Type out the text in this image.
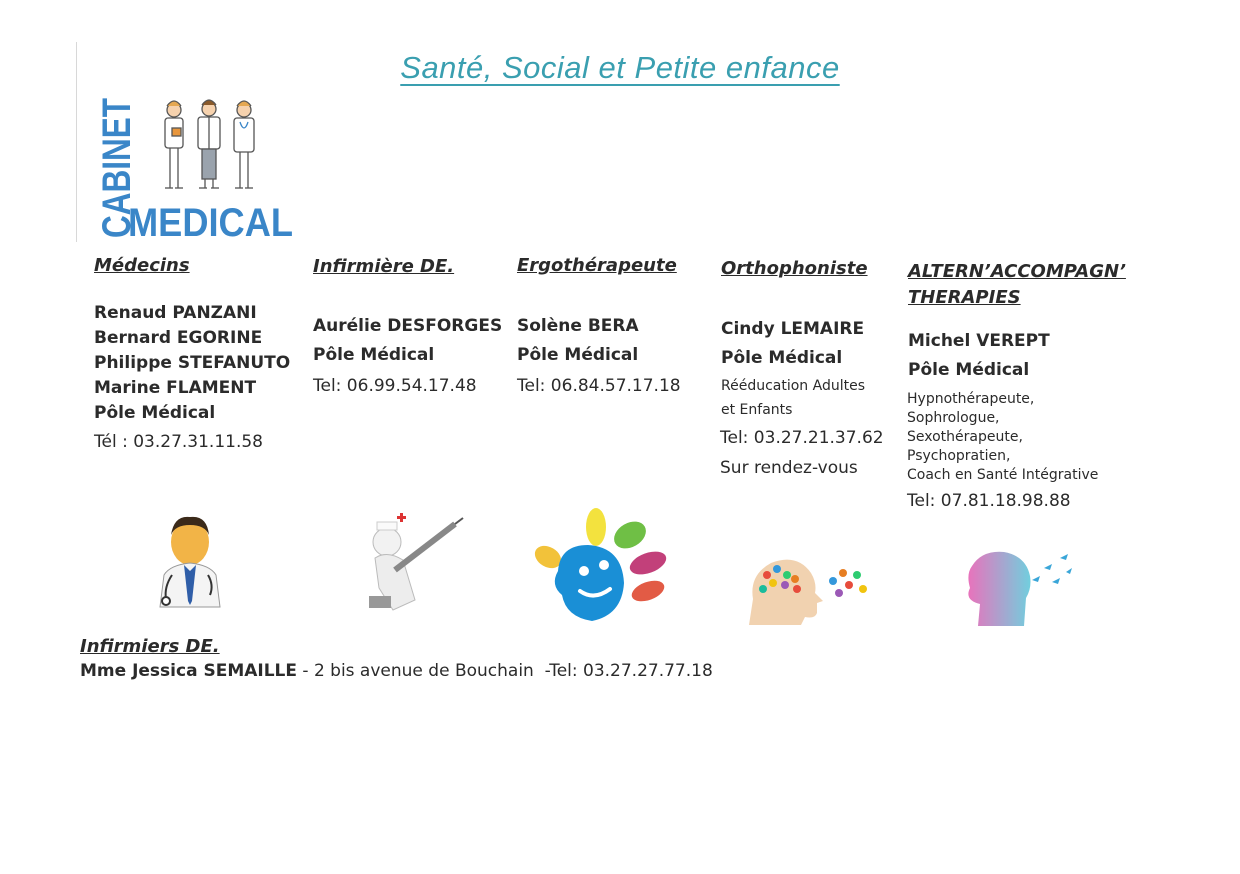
Santé, Social et Petite enfance
CABINET
MEDICAL
Médecins
Renaud PANZANI
Bernard EGORINE
Philippe STEFANUTO
Marine FLAMENT
Pôle Médical
Tél : 03.27.31.11.58
Infirmière DE.
Aurélie DESFORGES
Pôle Médical
Tel: 06.99.54.17.48
Ergothérapeute
Solène BERA
Pôle Médical
Tel: 06.84.57.17.18
Orthophoniste
Cindy LEMAIRE
Pôle Médical
Rééducation Adultes
et Enfants
Tel: 03.27.21.37.62
Sur rendez-vous
ALTERN’ACCOMPAGN’
THERAPIES
Michel VEREPT
Pôle Médical
Hypnothérapeute,
Sophrologue,
Sexothérapeute,
Psychopratien,
Coach en Santé Intégrative
Tel: 07.81.18.98.88
Infirmiers DE.
Mme Jessica SEMAILLE - 2 bis avenue de Bouchain  -Tel: 03.27.27.77.18
